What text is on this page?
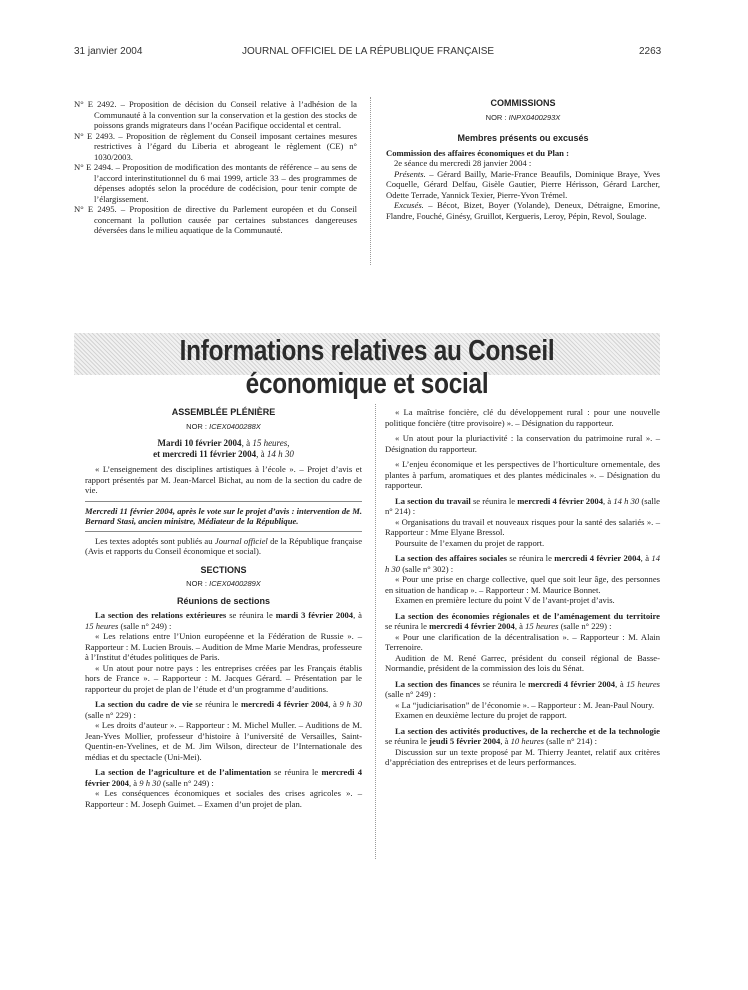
31 janvier 2004	JOURNAL OFFICIEL DE LA RÉPUBLIQUE FRANÇAISE	2263

N° E 2492. – Proposition de décision du Conseil relative à l’adhésion de la Communauté à la convention sur la conservation et la gestion des stocks de poissons grands migrateurs dans l’océan Pacifique occidental et central.

N° E 2493. – Proposition de règlement du Conseil imposant certaines mesures restrictives à l’égard du Liberia et abrogeant le règlement (CE) n° 1030/2003.

N° E 2494. – Proposition de modification des montants de référence – au sens de l’accord interinstitutionnel du 6 mai 1999, article 33 – des programmes de dépenses adoptés selon la procédure de codécision, pour tenir compte de l’élargissement.

N° E 2495. – Proposition de directive du Parlement européen et du Conseil concernant la pollution causée par certaines substances dangereuses déversées dans le milieu aquatique de la Communauté.

COMMISSIONS
NOR : INPX0400293X
Membres présents ou excusés

Commission des affaires économiques et du Plan :

2e séance du mercredi 28 janvier 2004 :

Présents. – Gérard Bailly, Marie-France Beaufils, Dominique Braye, Yves Coquelle, Gérard Delfau, Gisèle Gautier, Pierre Hérisson, Gérard Larcher, Odette Terrade, Yannick Texier, Pierre-Yvon Trémel.

Excusés. – Bécot, Bizet, Boyer (Yolande), Deneux, Détraigne, Emorine, Flandre, Fouché, Ginésy, Gruillot, Kergueris, Leroy, Pépin, Revol, Soulage.

Informations relatives au Conseil économique et social
ASSEMBLÉE PLÉNIÈRE
NOR : ICEX0400288X
Mardi 10 février 2004, à 15 heures,
et mercredi 11 février 2004, à 14 h 30

« L’enseignement des disciplines artistiques à l’école ». – Projet d’avis et rapport présentés par M. Jean-Marcel Bichat, au nom de la section du cadre de vie.

Mercredi 11 février 2004, après le vote sur le projet d’avis : intervention de M. Bernard Stasi, ancien ministre, Médiateur de la République.

Les textes adoptés sont publiés au Journal officiel de la République française (Avis et rapports du Conseil économique et social).

SECTIONS
NOR : ICEX0400289X
Réunions de sections

La section des relations extérieures se réunira le mardi 3 février 2004, à 15 heures (salle n° 249) :

« Les relations entre l’Union européenne et la Fédération de Russie ». – Rapporteur : M. Lucien Brouis. – Audition de Mme Marie Mendras, professeure à l’Institut d’études politiques de Paris.

« Un atout pour notre pays : les entreprises créées par les Français établis hors de France ». – Rapporteur : M. Jacques Gérard. – Présentation par le rapporteur du projet de plan de l’étude et d’un programme d’auditions.

La section du cadre de vie se réunira le mercredi 4 février 2004, à 9 h 30 (salle n° 229) :

« Les droits d’auteur ». – Rapporteur : M. Michel Muller. – Auditions de M. Jean-Yves Mollier, professeur d’histoire à l’université de Versailles, Saint-Quentin-en-Yvelines, et de M. Jim Wilson, directeur de l’Internationale des médias et du spectacle (Uni-Mei).

La section de l’agriculture et de l’alimentation se réunira le mercredi 4 février 2004, à 9 h 30 (salle n° 249) :

« Les conséquences économiques et sociales des crises agricoles ». – Rapporteur : M. Joseph Guimet. – Examen d’un projet de plan.

« La maîtrise foncière, clé du développement rural : pour une nouvelle politique foncière (titre provisoire) ». – Désignation du rapporteur.

« Un atout pour la pluriactivité : la conservation du patrimoine rural ». – Désignation du rapporteur.

« L’enjeu économique et les perspectives de l’horticulture ornementale, des plantes à parfum, aromatiques et des plantes médicinales ». – Désignation du rapporteur.

La section du travail se réunira le mercredi 4 février 2004, à 14 h 30 (salle n° 214) :

« Organisations du travail et nouveaux risques pour la santé des salariés ». – Rapporteur : Mme Elyane Bressol.

Poursuite de l’examen du projet de rapport.

La section des affaires sociales se réunira le mercredi 4 février 2004, à 14 h 30 (salle n° 302) :

« Pour une prise en charge collective, quel que soit leur âge, des personnes en situation de handicap ». – Rapporteur : M. Maurice Bonnet.

Examen en première lecture du point V de l’avant-projet d’avis.

La section des économies régionales et de l’aménagement du territoire se réunira le mercredi 4 février 2004, à 15 heures (salle n° 229) :

« Pour une clarification de la décentralisation ». – Rapporteur : M. Alain Terrenoire.

Audition de M. René Garrec, président du conseil régional de Basse-Normandie, président de la commission des lois du Sénat.

La section des finances se réunira le mercredi 4 février 2004, à 15 heures (salle n° 249) :

« La “judiciarisation” de l’économie ». – Rapporteur : M. Jean-Paul Noury.

Examen en deuxième lecture du projet de rapport.

La section des activités productives, de la recherche et de la technologie se réunira le jeudi 5 février 2004, à 10 heures (salle n° 214) :

Discussion sur un texte proposé par M. Thierry Jeantet, relatif aux critères d’appréciation des entreprises et de leurs performances.
